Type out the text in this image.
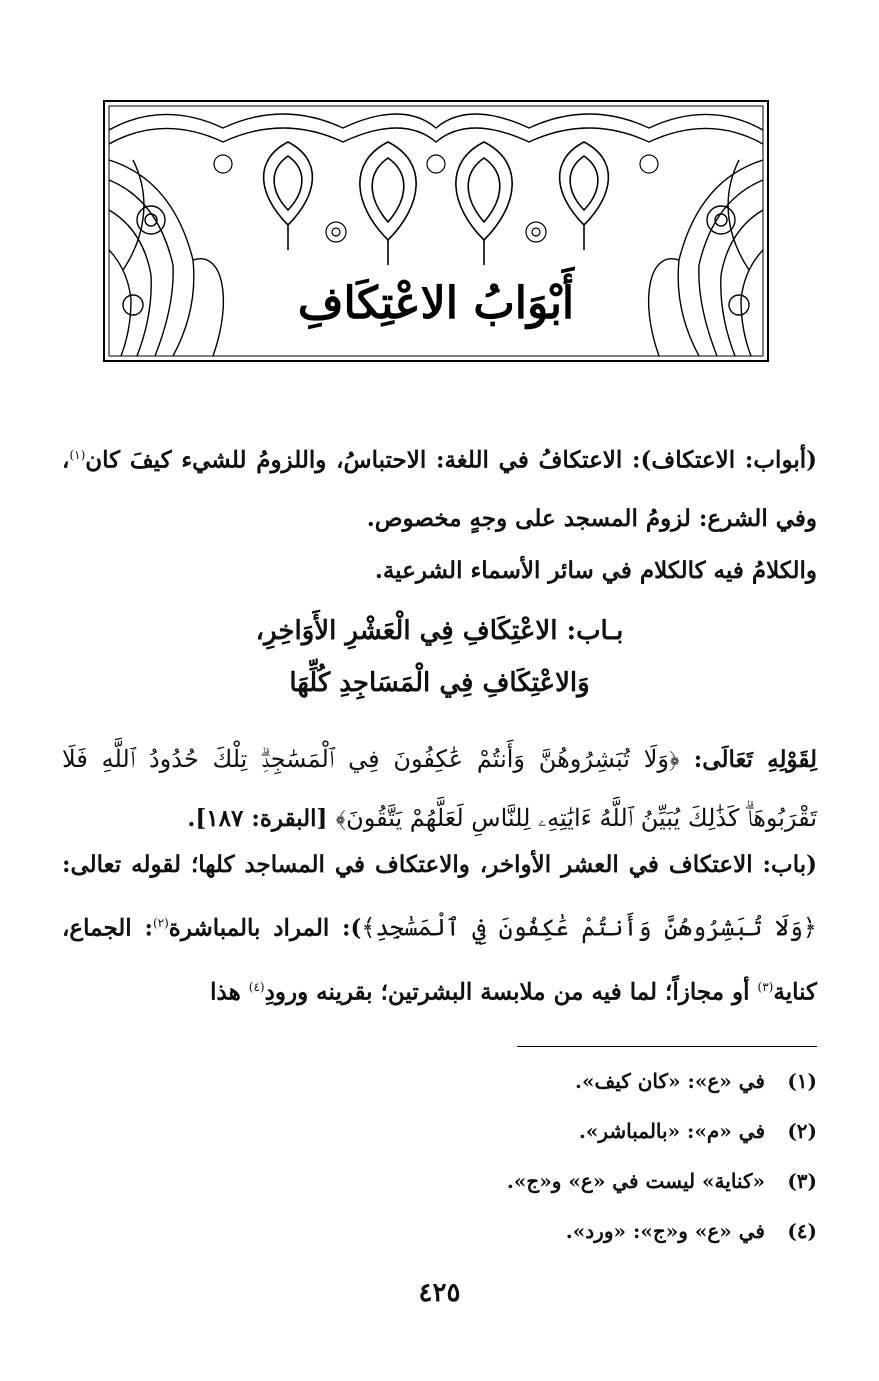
أَبْوَابُ الاعْتِكَافِ

(أبواب: الاعتكاف): الاعتكافُ في اللغة: الاحتباسُ، واللزومُ للشيء كيفَ كان$^{(١)}$، وفي الشرع: لزومُ المسجد على وجهٍ مخصوص.

والكلامُ فيه كالكلام في سائر الأسماء الشرعية.

بـاب: الاعْتِكَافِ فِي الْعَشْرِ الأَوَاخِرِ،
وَالاعْتِكَافِ فِي الْمَسَاجِدِ كُلِّهَا

لِقَوْلِهِ تَعَالَى: ﴿وَلَا تُبَشِرُوهُنَّ وَأَنتُمْ عَٰكِفُونَ فِي ٱلْمَسَٰجِدِۗ تِلْكَ حُدُودُ ٱللَّهِ فَلَا تَقْرَبُوهَاۗ كَذَٰلِكَ يُبَيِّنُ ٱللَّهُ ءَايَٰتِهِۦ لِلنَّاسِ لَعَلَّهُمْ يَتَّقُونَ﴾ [البقرة: ١٨٧].

(باب: الاعتكاف في العشر الأواخر، والاعتكاف في المساجد كلها؛ لقوله تعالى: ﴿وَلَا تُبَشِرُوهُنَّ وَأَنتُمْ عَٰكِفُونَ فِي ٱلْمَسَٰجِدِ﴾): المراد بالمباشرة$^{(٢)}$: الجماع، كناية$^{(٣)}$ أو مجازاً؛ لما فيه من ملابسة البشرتين؛ بقرينه ورودِ$^{(٤)}$ هذا

(١)في «ع»: «كان كيف».
(٢)في «م»: «بالمباشر».
(٣)«كناية» ليست في «ع» و«ج».
(٤)في «ع» و«ج»: «ورد».
٤٢٥
